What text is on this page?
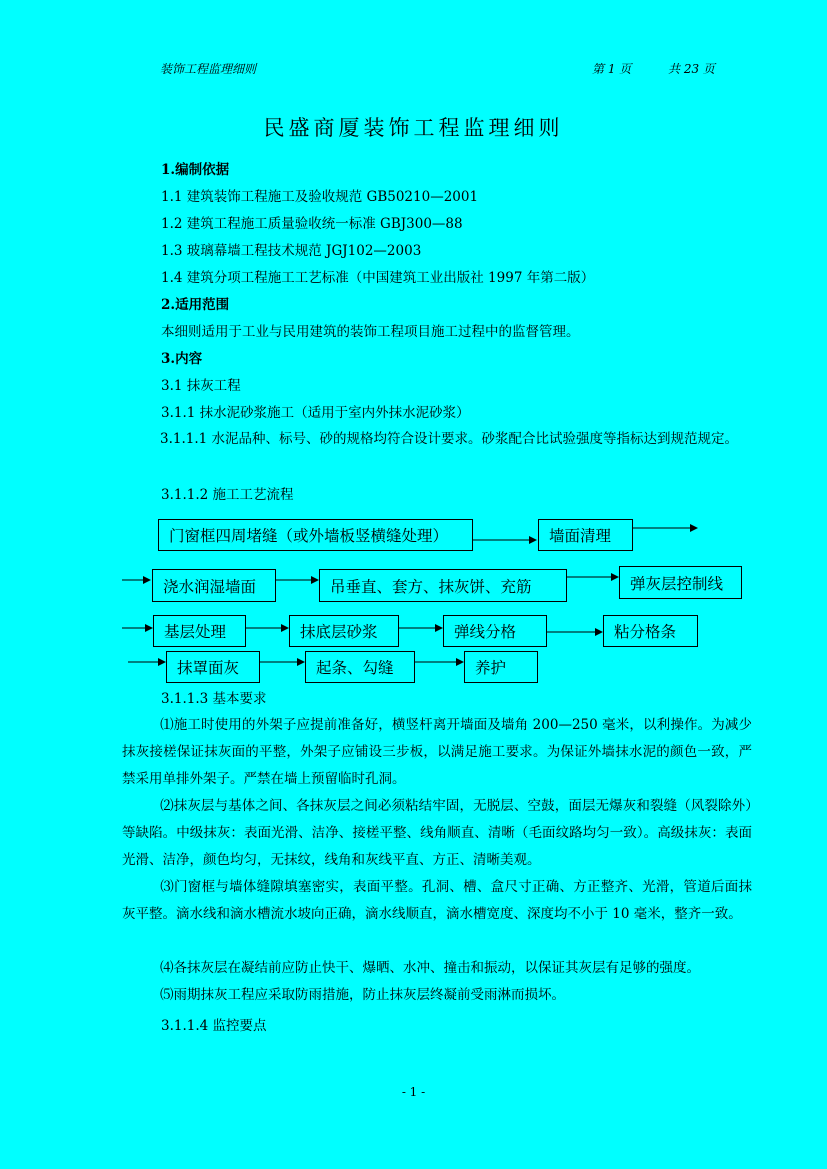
装饰工程监理细则	第 1 页	共 23 页
民盛商厦装饰工程监理细则
1.编制依据
1.1 建筑装饰工程施工及验收规范 GB50210—2001
1.2 建筑工程施工质量验收统一标准 GBJ300—88
1.3 玻璃幕墙工程技术规范 JGJ102—2003
1.4 建筑分项工程施工工艺标准（中国建筑工业出版社 1997 年第二版）
2.适用范围
本细则适用于工业与民用建筑的装饰工程项目施工过程中的监督管理。
3.内容
3.1 抹灰工程
3.1.1 抹水泥砂浆施工（适用于室内外抹水泥砂浆）
3.1.1.1 水泥品种、标号、砂的规格均符合设计要求。砂浆配合比试验强度等指标达到规范规定。
3.1.1.2 施工工艺流程
门窗框四周堵缝（或外墙板竖横缝处理）	墙面清理
浇水润湿墙面	吊垂直、套方、抹灰饼、充筋	弹灰层控制线
基层处理	抹底层砂浆	弹线分格	粘分格条
抹罩面灰	起条、勾缝	养护
3.1.1.3 基本要求
⑴施工时使用的外架子应提前准备好，横竖杆离开墙面及墙角 200—250 毫米，以利操作。为减少抹灰接槎保证抹灰面的平整，外架子应铺设三步板，以满足施工要求。为保证外墙抹水泥的颜色一致，严禁采用单排外架子。严禁在墙上预留临时孔洞。
⑵抹灰层与基体之间、各抹灰层之间必须粘结牢固，无脱层、空鼓，面层无爆灰和裂缝（风裂除外）等缺陷。中级抹灰：表面光滑、洁净、接槎平整、线角顺直、清晰（毛面纹路均匀一致）。高级抹灰：表面光滑、洁净，颜色均匀，无抹纹，线角和灰线平直、方正、清晰美观。
⑶门窗框与墙体缝隙填塞密实，表面平整。孔洞、槽、盒尺寸正确、方正整齐、光滑，管道后面抹灰平整。滴水线和滴水槽流水坡向正确，滴水线顺直，滴水槽宽度、深度均不小于 10 毫米，整齐一致。
⑷各抹灰层在凝结前应防止快干、爆晒、水冲、撞击和振动，以保证其灰层有足够的强度。
⑸雨期抹灰工程应采取防雨措施，防止抹灰层终凝前受雨淋而损坏。
3.1.1.4 监控要点
- 1 -
